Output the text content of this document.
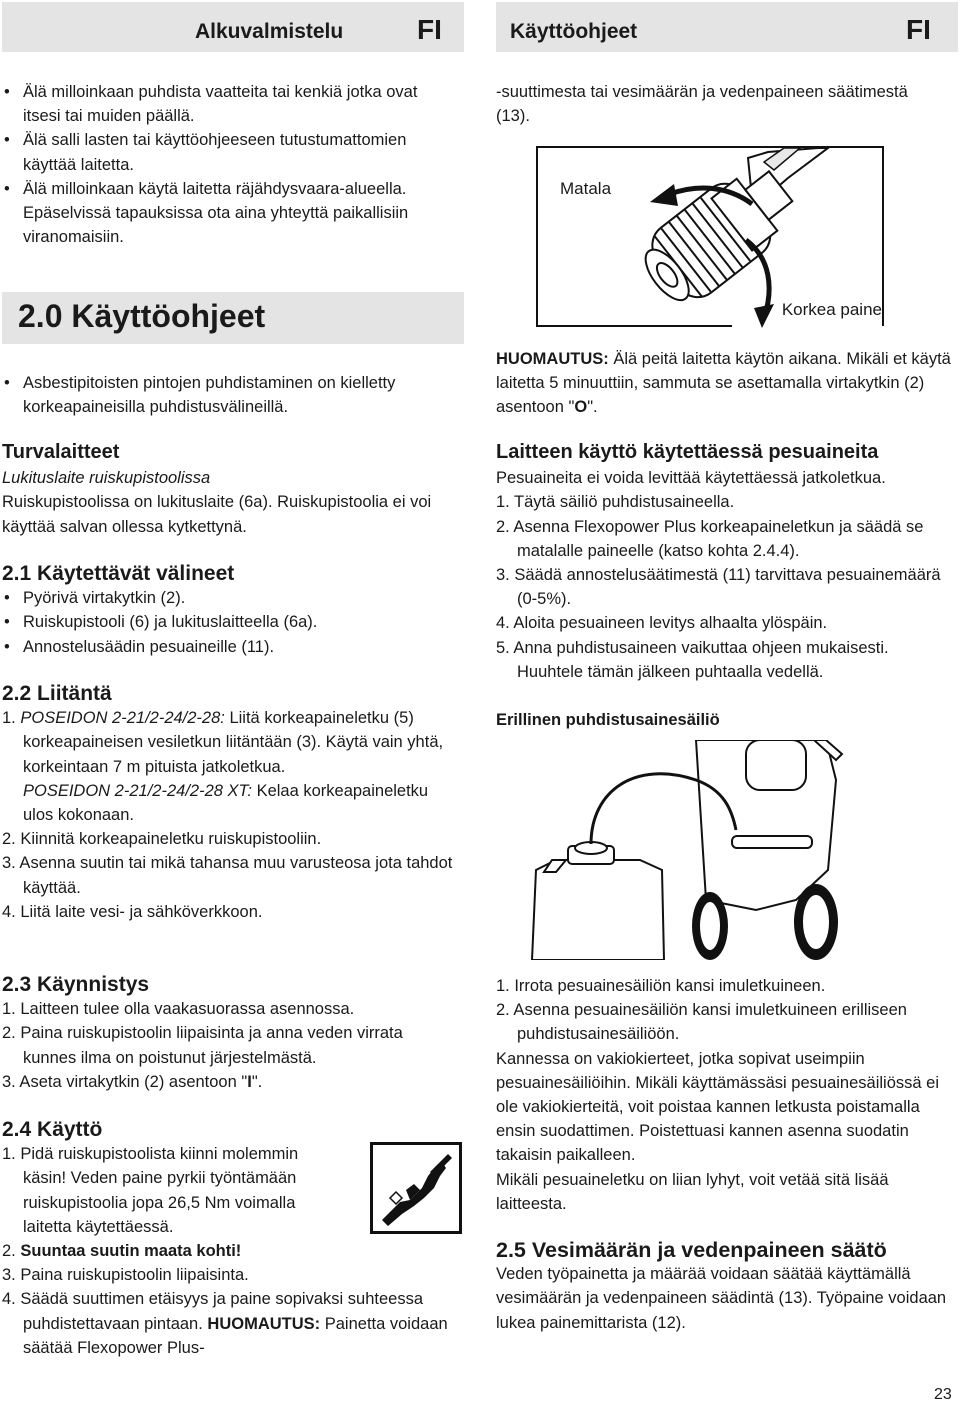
Alkuvalmistelu	FI	Käyttöohjeet	FI

• Älä milloinkaan puhdista vaatteita tai kenkiä jotka ovat itsesi tai muiden päällä.

• Älä salli lasten tai käyttöohjeeseen tutustumattomien käyttää laitetta.

• Älä milloinkaan käytä laitetta räjähdysvaara-alueella. Epäselvissä tapauksissa ota aina yhteyttä paikallisiin viranomaisiin.

2.0 Käyttöohjeet

• Asbestipitoisten pintojen puhdistaminen on kielletty korkeapaineisilla puhdistusvälineillä.

Turvalaitteet

Lukituslaite ruiskupistoolissa

Ruiskupistoolissa on lukituslaite (6a). Ruiskupistoolia ei voi käyttää salvan ollessa kytkettynä.

2.1 Käytettävät välineet

• Pyörivä virtakytkin (2).

• Ruiskupistooli (6) ja lukituslaitteella (6a).

• Annostelusäädin pesuaineille (11).

2.2 Liitäntä

1. POSEIDON 2-21/2-24/2-28: Liitä korkeapaineletku (5) korkeapaineisen vesiletkun liitäntään (3). Käytä vain yhtä, korkeintaan 7 m pituista jatkoletkua.

POSEIDON 2-21/2-24/2-28 XT: Kelaa korkeapaineletku ulos kokonaan.

2. Kiinnitä korkeapaineletku ruiskupistooliin.

3. Asenna suutin tai mikä tahansa muu varusteosa jota tahdot käyttää.

4. Liitä laite vesi- ja sähköverkkoon.

2.3 Käynnistys

1. Laitteen tulee olla vaakasuorassa asennossa.

2. Paina ruiskupistoolin liipaisinta ja anna veden virrata kunnes ilma on poistunut järjestelmästä.

3. Aseta virtakytkin (2) asentoon "I".

2.4 Käyttö

1. Pidä ruiskupistoolista kiinni molemmin käsin! Veden paine pyrkii työntämään ruiskupistoolia jopa 26,5 Nm voimalla laitetta käytettäessä.

2. Suuntaa suutin maata kohti!

3. Paina ruiskupistoolin liipaisinta.

4. Säädä suuttimen etäisyys ja paine sopivaksi suhteessa puhdistettavaan pintaan. HUOMAUTUS: Painetta voidaan säätää Flexopower Plus-

-suuttimesta tai vesimäärän ja vedenpaineen säätimestä (13).

Matala
Korkea paine

HUOMAUTUS: Älä peitä laitetta käytön aikana. Mikäli et käytä laitetta 5 minuuttiin, sammuta se asettamalla virtakytkin (2) asentoon "O".

Laitteen käyttö käytettäessä pesuaineita

Pesuaineita ei voida levittää käytettäessä jatkoletkua.

1. Täytä säiliö puhdistusaineella.

2. Asenna Flexopower Plus korkeapaineletkun ja säädä se matalalle paineelle (katso kohta 2.4.4).

3. Säädä annostelusäätimestä (11) tarvittava pesuainemäärä (0-5%).

4. Aloita pesuaineen levitys alhaalta ylöspäin.

5. Anna puhdistusaineen vaikuttaa ohjeen mukaisesti. Huuhtele tämän jälkeen puhtaalla vedellä.

Erillinen puhdistusainesäiliö

1. Irrota pesuainesäiliön kansi imuletkuineen.

2. Asenna pesuainesäiliön kansi imuletkuineen erilliseen puhdistusainesäiliöön.

Kannessa on vakiokierteet, jotka sopivat useimpiin pesuainesäiliöihin. Mikäli käyttämässäsi pesuainesäiliössä ei ole vakiokierteitä, voit poistaa kannen letkusta poistamalla ensin suodattimen. Poistettuasi kannen asenna suodatin takaisin paikalleen.

Mikäli pesuaineletku on liian lyhyt, voit vetää sitä lisää laitteesta.

2.5 Vesimäärän ja vedenpaineen säätö

Veden työpainetta ja määrää voidaan säätää käyttämällä vesimäärän ja vedenpaineen säädintä (13). Työpaine voidaan lukea painemittarista (12).

23
